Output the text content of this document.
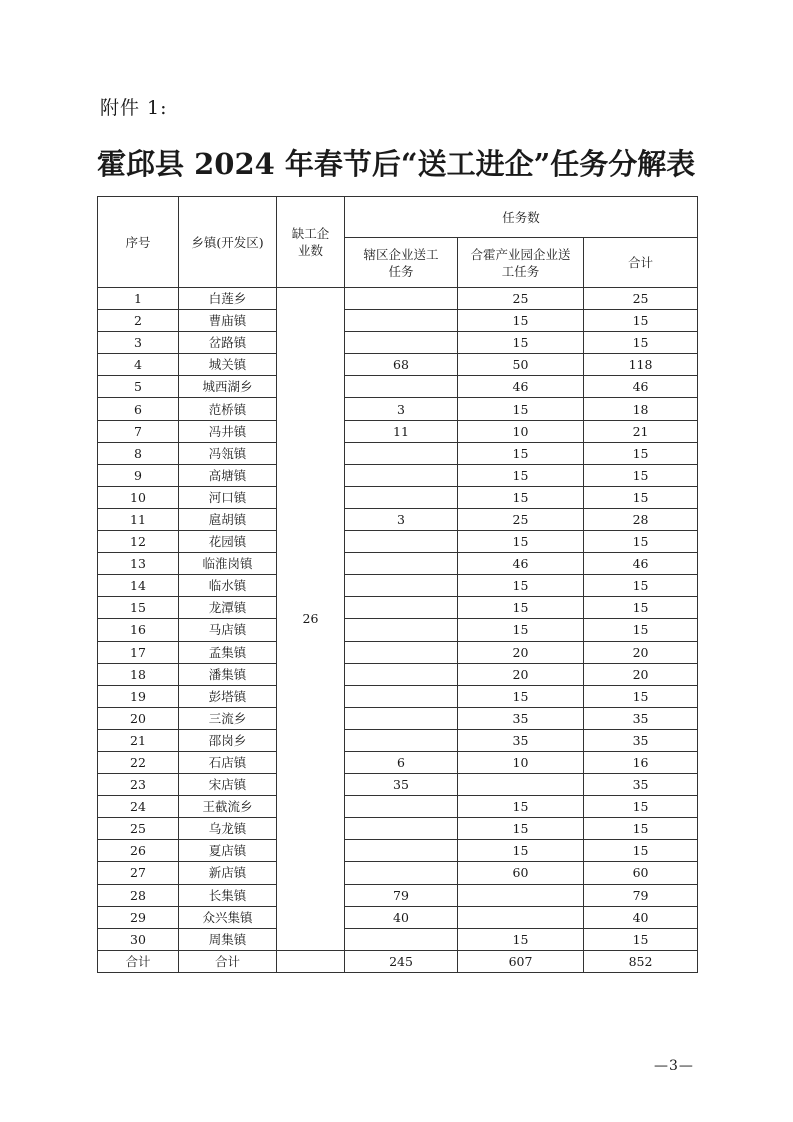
附件 1:
霍邱县 2024 年春节后“送工进企”任务分解表
序号	乡镇(开发区)	缺工企业数	任务数		
			辖区企业送工任务	合霍产业园企业送工任务	合计
1	白莲乡	26		25	25
2	曹庙镇			15	15
3	岔路镇			15	15
4	城关镇		68	50	118
5	城西湖乡			46	46
6	范桥镇		3	15	18
7	冯井镇		11	10	21
8	冯瓴镇			15	15
9	高塘镇			15	15
10	河口镇			15	15
11	扈胡镇		3	25	28
12	花园镇			15	15
13	临淮岗镇			46	46
14	临水镇			15	15
15	龙潭镇			15	15
16	马店镇			15	15
17	孟集镇			20	20
18	潘集镇			20	20
19	彭塔镇			15	15
20	三流乡			35	35
21	邵岗乡			35	35
22	石店镇		6	10	16
23	宋店镇		35		35
24	王截流乡			15	15
25	乌龙镇			15	15
26	夏店镇			15	15
27	新店镇			60	60
28	长集镇		79		79
29	众兴集镇		40		40
30	周集镇			15	15
合计	合计		245	607	852
—3—
